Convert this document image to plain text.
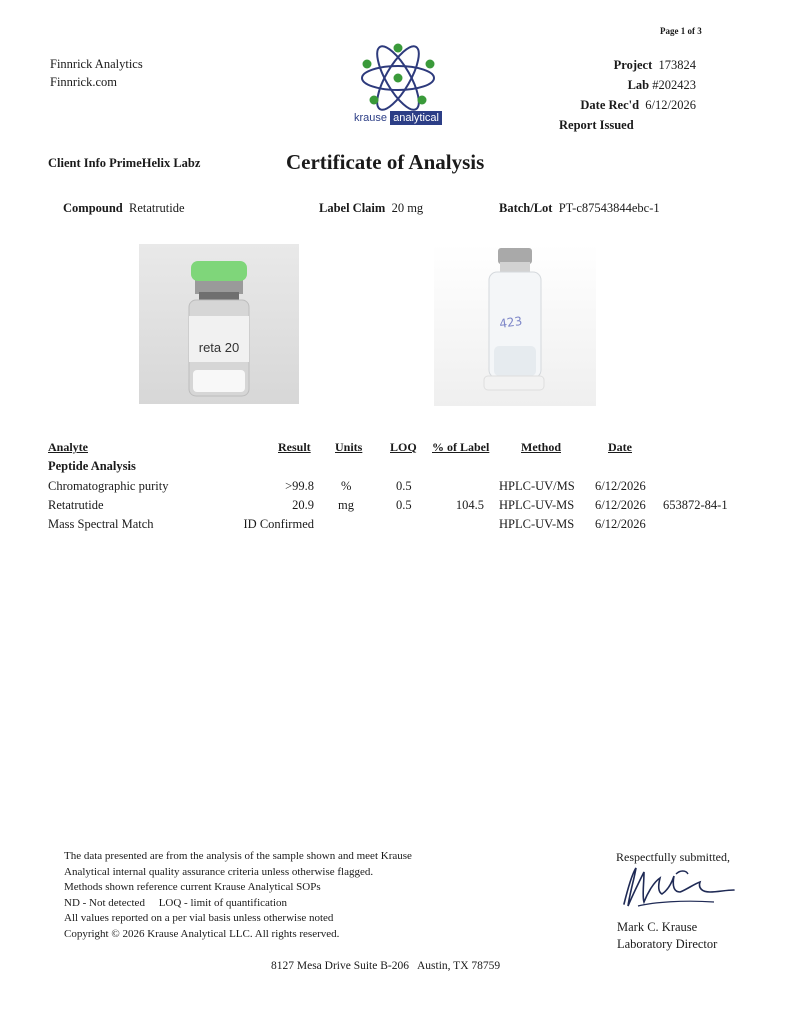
Page 1 of 3
Finnrick Analytics
Finnrick.com
krause analytical
Project 173824
Lab #202423
Date Rec'd 6/12/2026
Report Issued
Client Info PrimeHelix Labz	Certificate of Analysis
Compound Retatrutide	Label Claim 20 mg	Batch/Lot PT-c87543844ebc-1
reta 20
423
Analyte	Result Units LOQ % of Label	Method	Date
Peptide Analysis
Chromatographic purity	>99.8 %	0.5	HPLC-UV/MS 6/12/2026
Retatrutide	20.9 mg	0.5	104.5 HPLC-UV-MS 6/12/2026 653872-84-1
Mass Spectral Match	ID Confirmed	HPLC-UV-MS 6/12/2026
The data presented are from the analysis of the sample shown and meet Krause
Analytical internal quality assurance criteria unless otherwise flagged.
Methods shown reference current Krause Analytical SOPs
ND - Not detected     LOQ - limit of quantification
All values reported on a per vial basis unless otherwise noted
Copyright © 2026 Krause Analytical LLC. All rights reserved.
Respectfully submitted,
Mark C. Krause
Laboratory Director
8127 Mesa Drive Suite B-206   Austin, TX 78759
